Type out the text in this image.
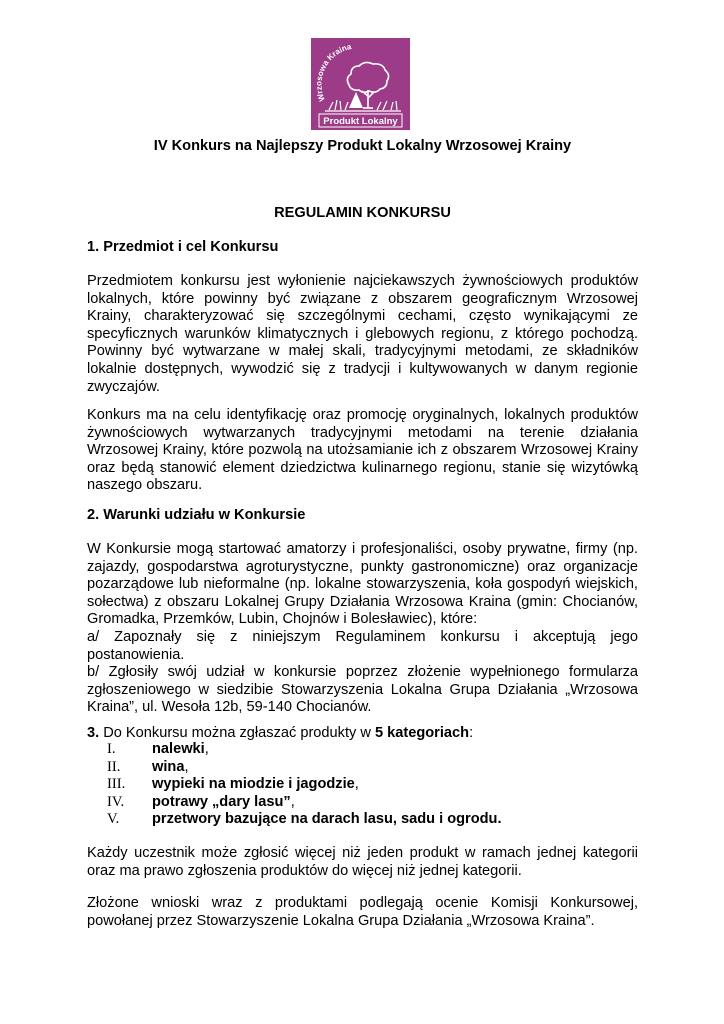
Wrzosowa Kraina
Produkt Lokalny

IV Konkurs na Najlepszy Produkt Lokalny Wrzosowej Krainy

REGULAMIN KONKURSU

1. Przedmiot i cel Konkursu

Przedmiotem konkursu jest wyłonienie najciekawszych żywnościowych produktów
lokalnych, które powinny być związane z obszarem geograficznym Wrzosowej
Krainy, charakteryzować się szczególnymi cechami, często wynikającymi ze
specyficznych warunków klimatycznych i glebowych regionu, z którego pochodzą.
Powinny być wytwarzane w małej skali, tradycyjnymi metodami, ze składników
lokalnie dostępnych, wywodzić się z tradycji i kultywowanych w danym regionie
zwyczajów.
Konkurs ma na celu identyfikację oraz promocję oryginalnych, lokalnych produktów
żywnościowych wytwarzanych tradycyjnymi metodami na terenie działania
Wrzosowej Krainy, które pozwolą na utożsamianie ich z obszarem Wrzosowej Krainy
oraz będą stanowić element dziedzictwa kulinarnego regionu, stanie się wizytówką
naszego obszaru.

2. Warunki udziału w Konkursie

W Konkursie mogą startować amatorzy i profesjonaliści, osoby prywatne, firmy (np.
zajazdy, gospodarstwa agroturystyczne, punkty gastronomiczne) oraz organizacje
pozarządowe lub nieformalne (np. lokalne stowarzyszenia, koła gospodyń wiejskich,
sołectwa) z obszaru Lokalnej Grupy Działania Wrzosowa Kraina (gmin: Chocianów,
Gromadka, Przemków, Lubin, Chojnów i Bolesławiec), które:
a/ Zapoznały się z niniejszym Regulaminem konkursu i akceptują jego
postanowienia.
b/ Zgłosiły swój udział w konkursie poprzez złożenie wypełnionego formularza
zgłoszeniowego w siedzibie Stowarzyszenia Lokalna Grupa Działania „Wrzosowa
Kraina”, ul. Wesoła 12b, 59-140 Chocianów.

3. Do Konkursu można zgłaszać produkty w 5 kategoriach:

I. nalewki,
II. wina,
III. wypieki na miodzie i jagodzie,
IV. potrawy „dary lasu”,
V. przetwory bazujące na darach lasu, sadu i ogrodu.
Każdy uczestnik może zgłosić więcej niż jeden produkt w ramach jednej kategorii
oraz ma prawo zgłoszenia produktów do więcej niż jednej kategorii.
Złożone wnioski wraz z produktami podlegają ocenie Komisji Konkursowej,
powołanej przez Stowarzyszenie Lokalna Grupa Działania „Wrzosowa Kraina”.
